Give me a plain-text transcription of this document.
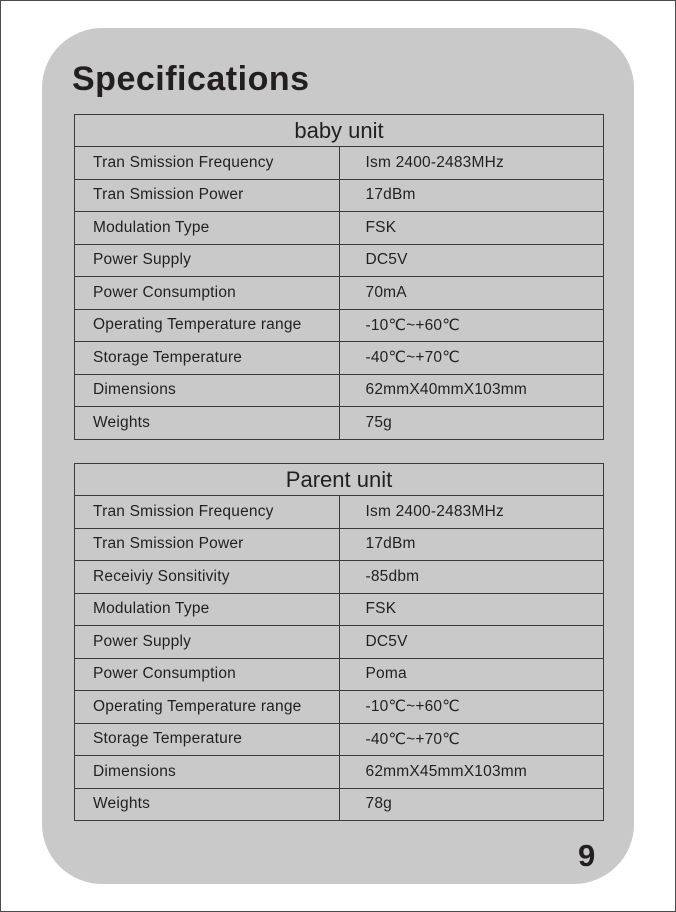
Specifications
baby unit	
Tran Smission Frequency	Ism 2400-2483MHz
Tran Smission Power	17dBm
Modulation Type	FSK
Power Supply	DC5V
Power Consumption	70mA
Operating Temperature range	-10℃~+60℃
Storage Temperature	-40℃~+70℃
Dimensions	62mmX40mmX103mm
Weights	75g
Parent unit	
Tran Smission Frequency	Ism 2400-2483MHz
Tran Smission Power	17dBm
Receiviy Sonsitivity	-85dbm
Modulation Type	FSK
Power Supply	DC5V
Power Consumption	Poma
Operating Temperature range	-10℃~+60℃
Storage Temperature	-40℃~+70℃
Dimensions	62mmX45mmX103mm
Weights	78g
9
